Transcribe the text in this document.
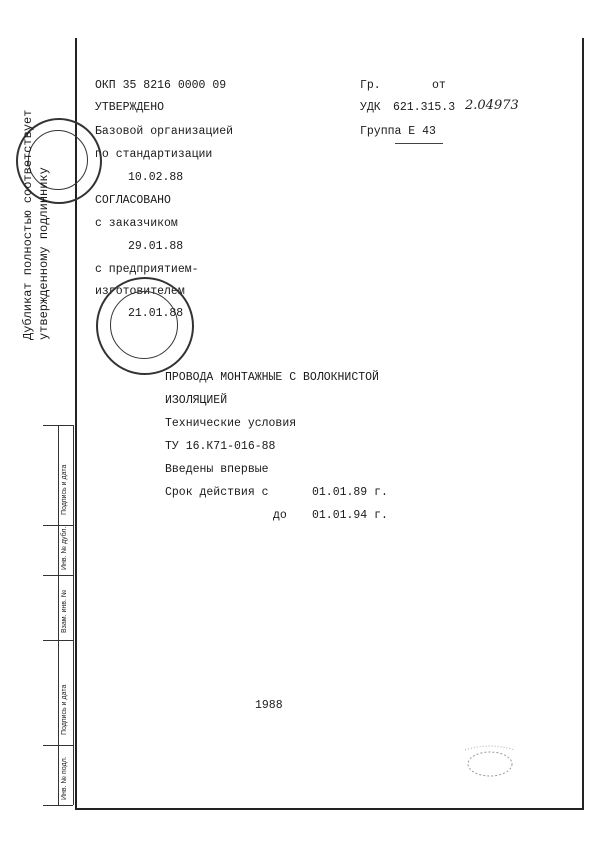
ОКП 35 8216 0000 09	Гр.	от
УДК 621.315.3 2.04973
Группа Е 43
УТВЕРЖДЕНО
Базовой организацией
по стандартизации
10.02.88
СОГЛАСОВАНО
с заказчиком
29.01.88
с предприятием-
изготовителем
21.01.88
Дубликат полностью соответствует утвержденному подлиннику
ПРОВОДА МОНТАЖНЫЕ С ВОЛОКНИСТОЙ
ИЗОЛЯЦИЕЙ
Технические условия
ТУ 16.К71-016-88
Введены впервые
Срок действия с	01.01.89 г.
до 01.01.94 г.
1988
Подпись и дата
Инв. № дубл.
Взам. инв. №
Подпись и дата
Инв. № подл.
